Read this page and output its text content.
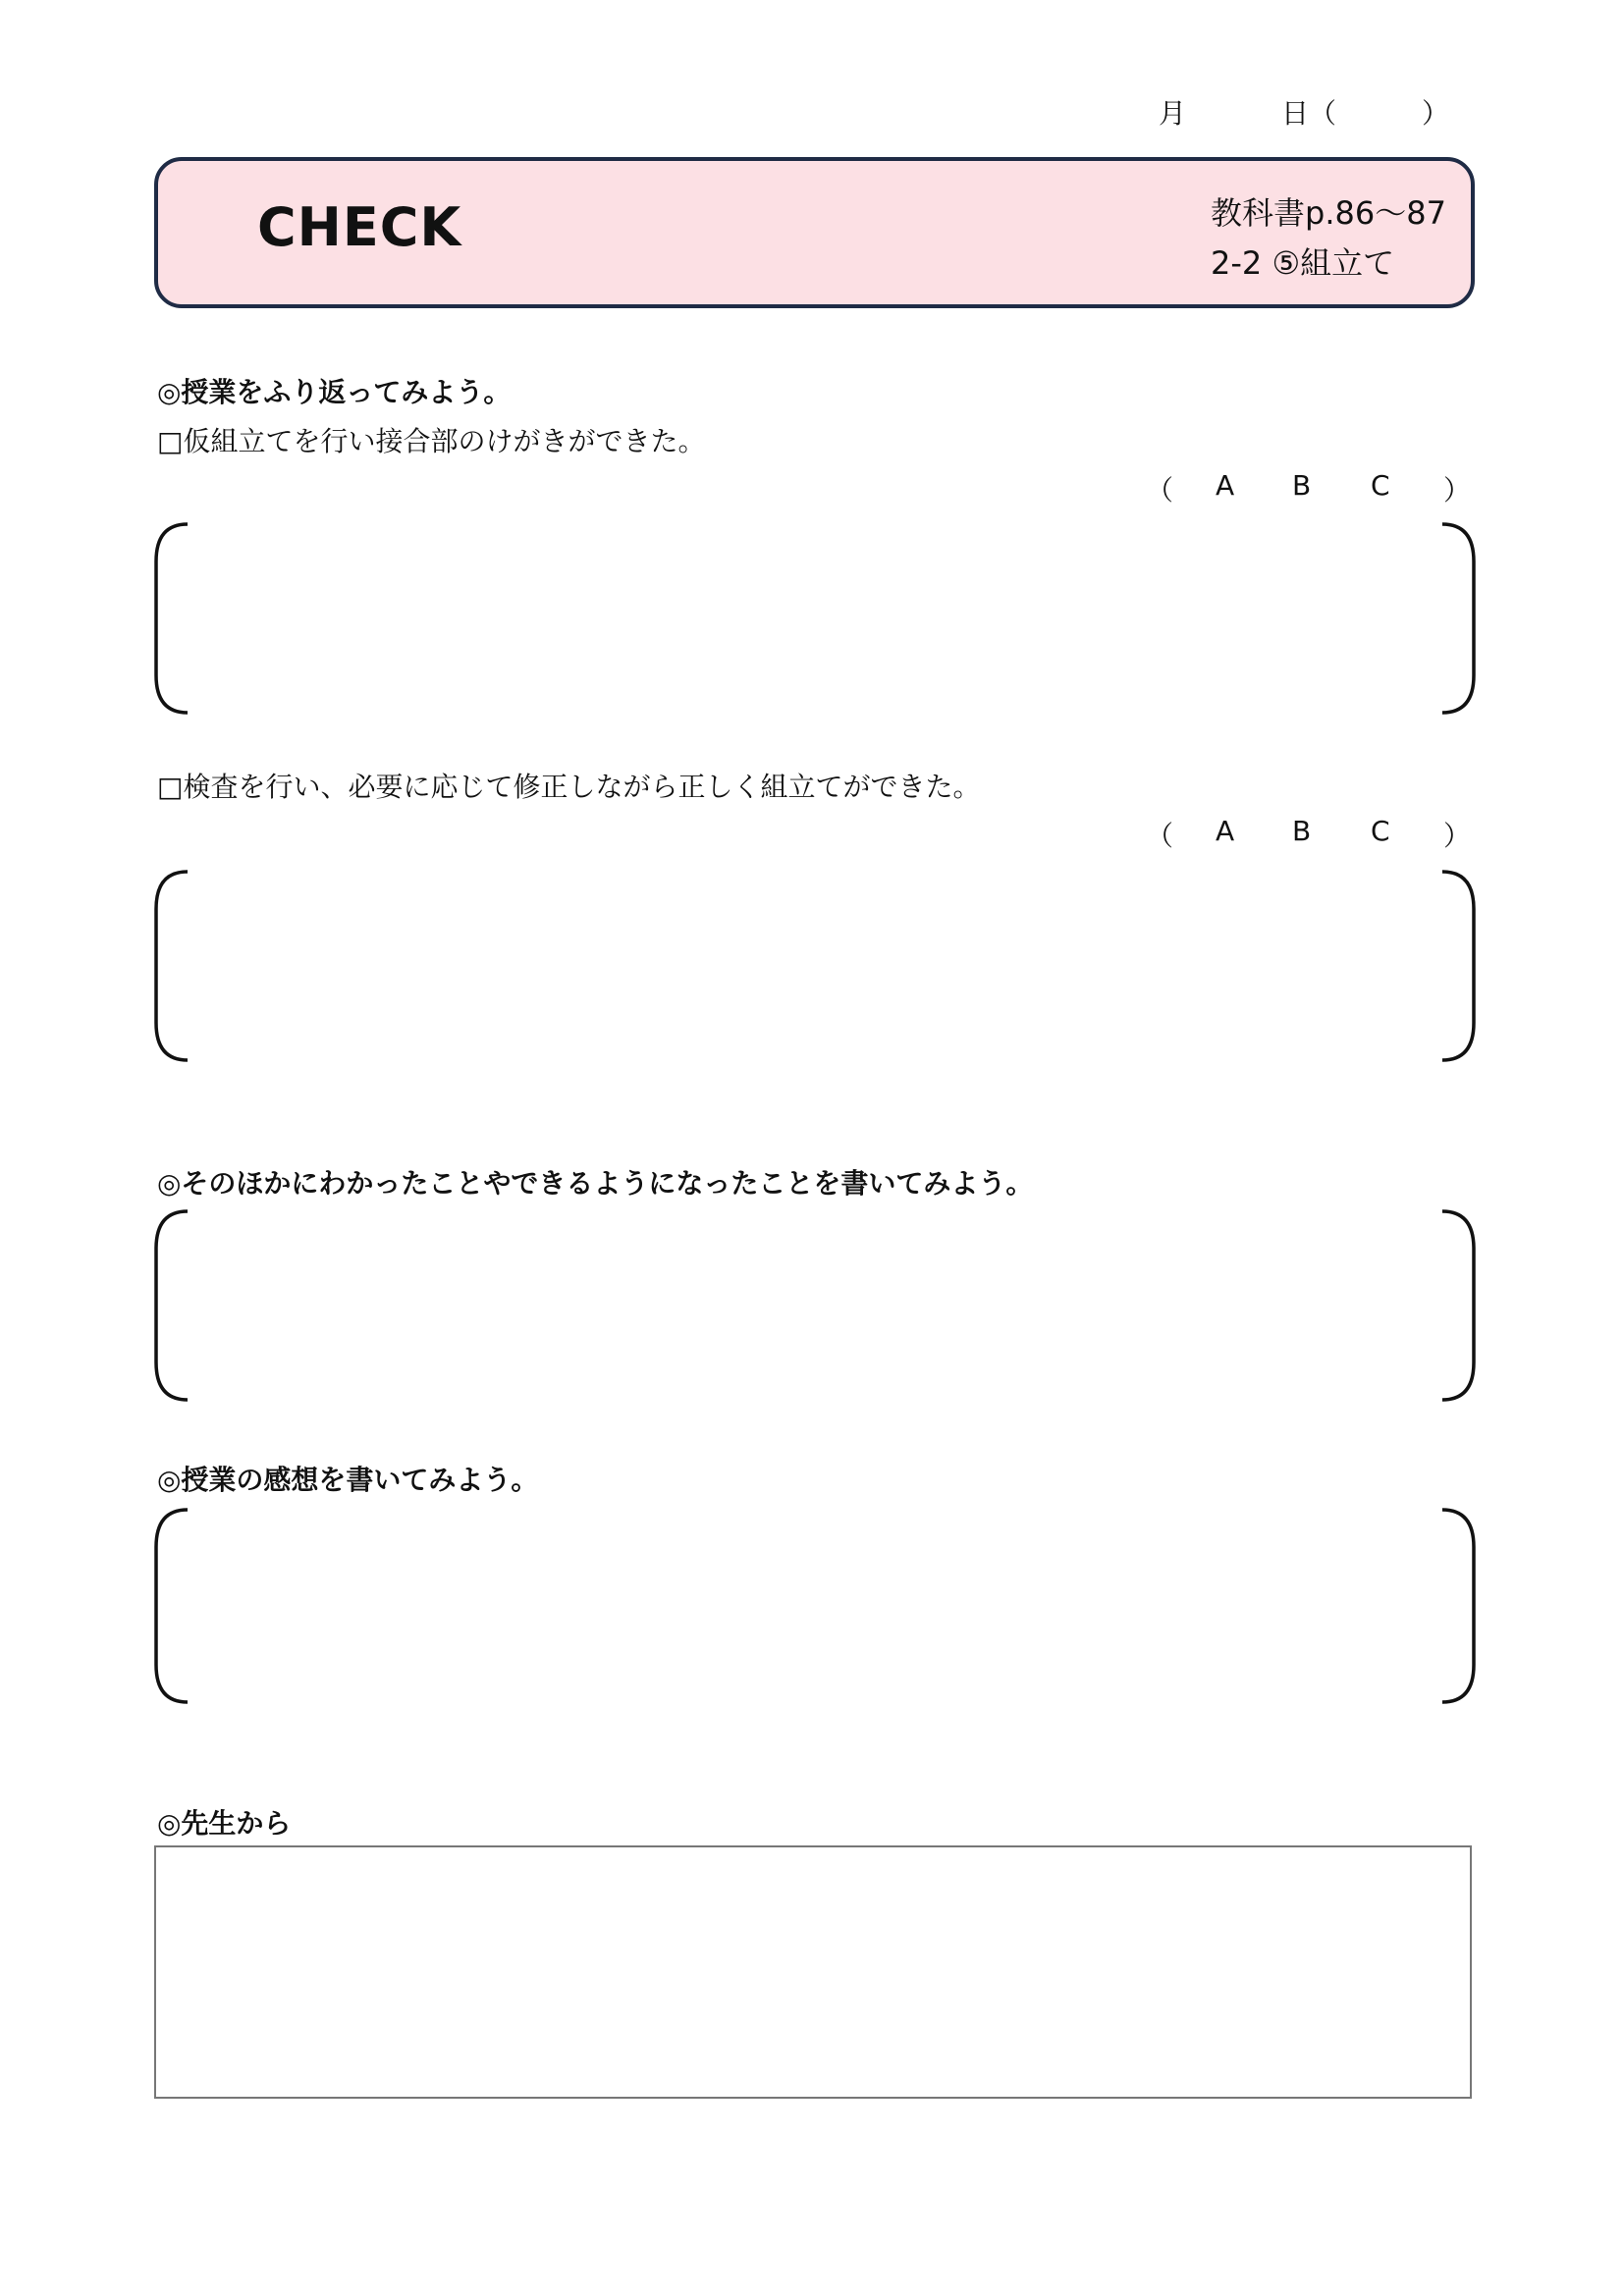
月	日（	）
CHECK	教科書p.86～87
2-2 ⑤組立て
◎授業をふり返ってみよう。
□仮組立てを行い接合部のけがきができた。
（ A B C ）
□検査を行い、必要に応じて修正しながら正しく組立てができた。
（ A B C ）
◎そのほかにわかったことやできるようになったことを書いてみよう。
◎授業の感想を書いてみよう。
◎先生から
